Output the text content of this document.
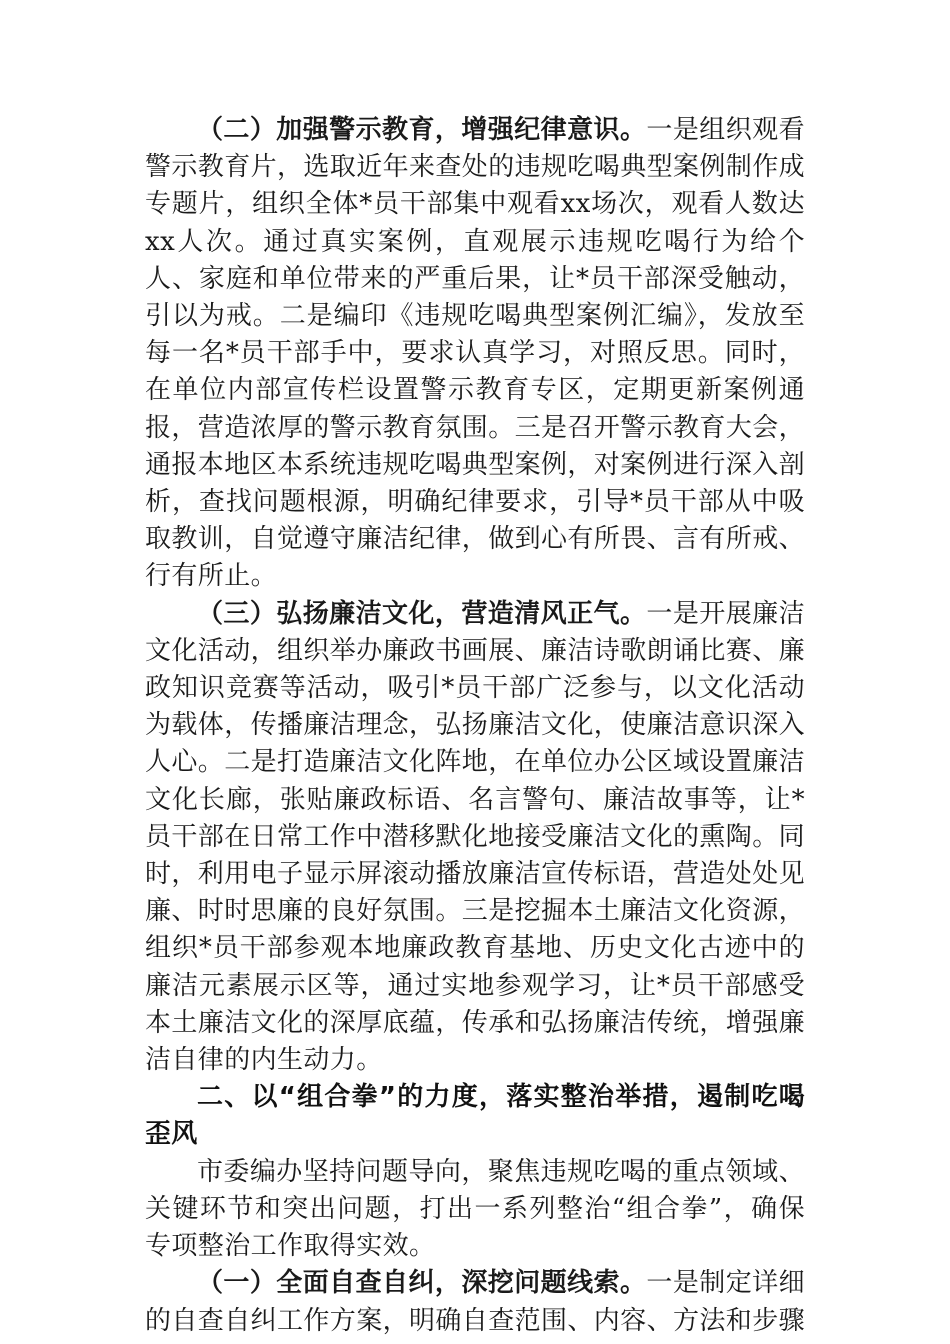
（二）加强警示教育，增强纪律意识。一是组织观看警示教育片，选取近年来查处的违规吃喝典型案例制作成专题片，组织全体*员干部集中观看xx场次，观看人数达xx人次。通过真实案例，直观展示违规吃喝行为给个人、家庭和单位带来的严重后果，让*员干部深受触动，引以为戒。二是编印《违规吃喝典型案例汇编》，发放至每一名*员干部手中，要求认真学习，对照反思。同时，在单位内部宣传栏设置警示教育专区，定期更新案例通报，营造浓厚的警示教育氛围。三是召开警示教育大会，通报本地区本系统违规吃喝典型案例，对案例进行深入剖析，查找问题根源，明确纪律要求，引导*员干部从中吸取教训，自觉遵守廉洁纪律，做到心有所畏、言有所戒、行有所止。

（三）弘扬廉洁文化，营造清风正气。一是开展廉洁文化活动，组织举办廉政书画展、廉洁诗歌朗诵比赛、廉政知识竞赛等活动，吸引*员干部广泛参与，以文化活动为载体，传播廉洁理念，弘扬廉洁文化，使廉洁意识深入人心。二是打造廉洁文化阵地，在单位办公区域设置廉洁文化长廊，张贴廉政标语、名言警句、廉洁故事等，让*员干部在日常工作中潜移默化地接受廉洁文化的熏陶。同时，利用电子显示屏滚动播放廉洁宣传标语，营造处处见廉、时时思廉的良好氛围。三是挖掘本土廉洁文化资源，组织*员干部参观本地廉政教育基地、历史文化古迹中的廉洁元素展示区等，通过实地参观学习，让*员干部感受本土廉洁文化的深厚底蕴，传承和弘扬廉洁传统，增强廉洁自律的内生动力。

二、以“组合拳”的力度，落实整治举措，遏制吃喝歪风

市委编办坚持问题导向，聚焦违规吃喝的重点领域、关键环节和突出问题，打出一系列整治“组合拳”，确保专项整治工作取得实效。

（一）全面自查自纠，深挖问题线索。一是制定详细的自查自纠工作方案，明确自查范围、内容、方法和步骤
